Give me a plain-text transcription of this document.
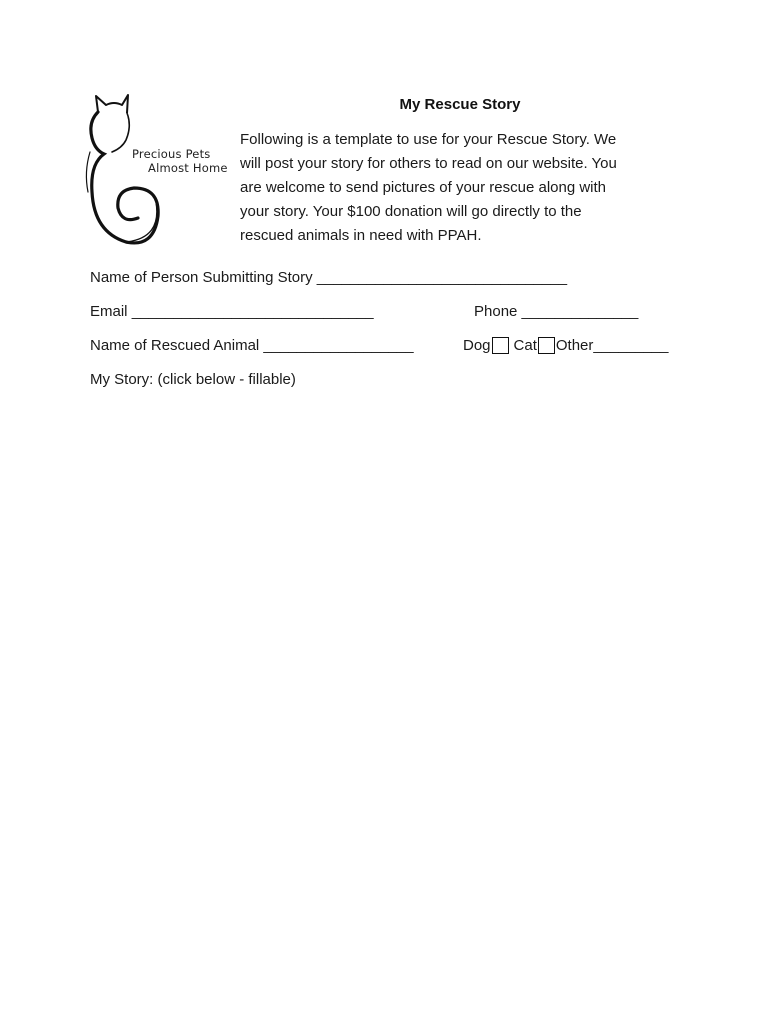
Precious Pets
Almost Home
My Rescue Story

Following is a template to use for your Rescue Story. We
will post your story for others to read on our website. You
are welcome to send pictures of your rescue along with
your story. Your $100 donation will go directly to the
rescued animals in need with PPAH.

Name of Person Submitting Story ______________________________
Email _____________________________	Phone ______________
Name of Rescued Animal __________________	Dog Cat Other _________
My Story: (click below - fillable)
